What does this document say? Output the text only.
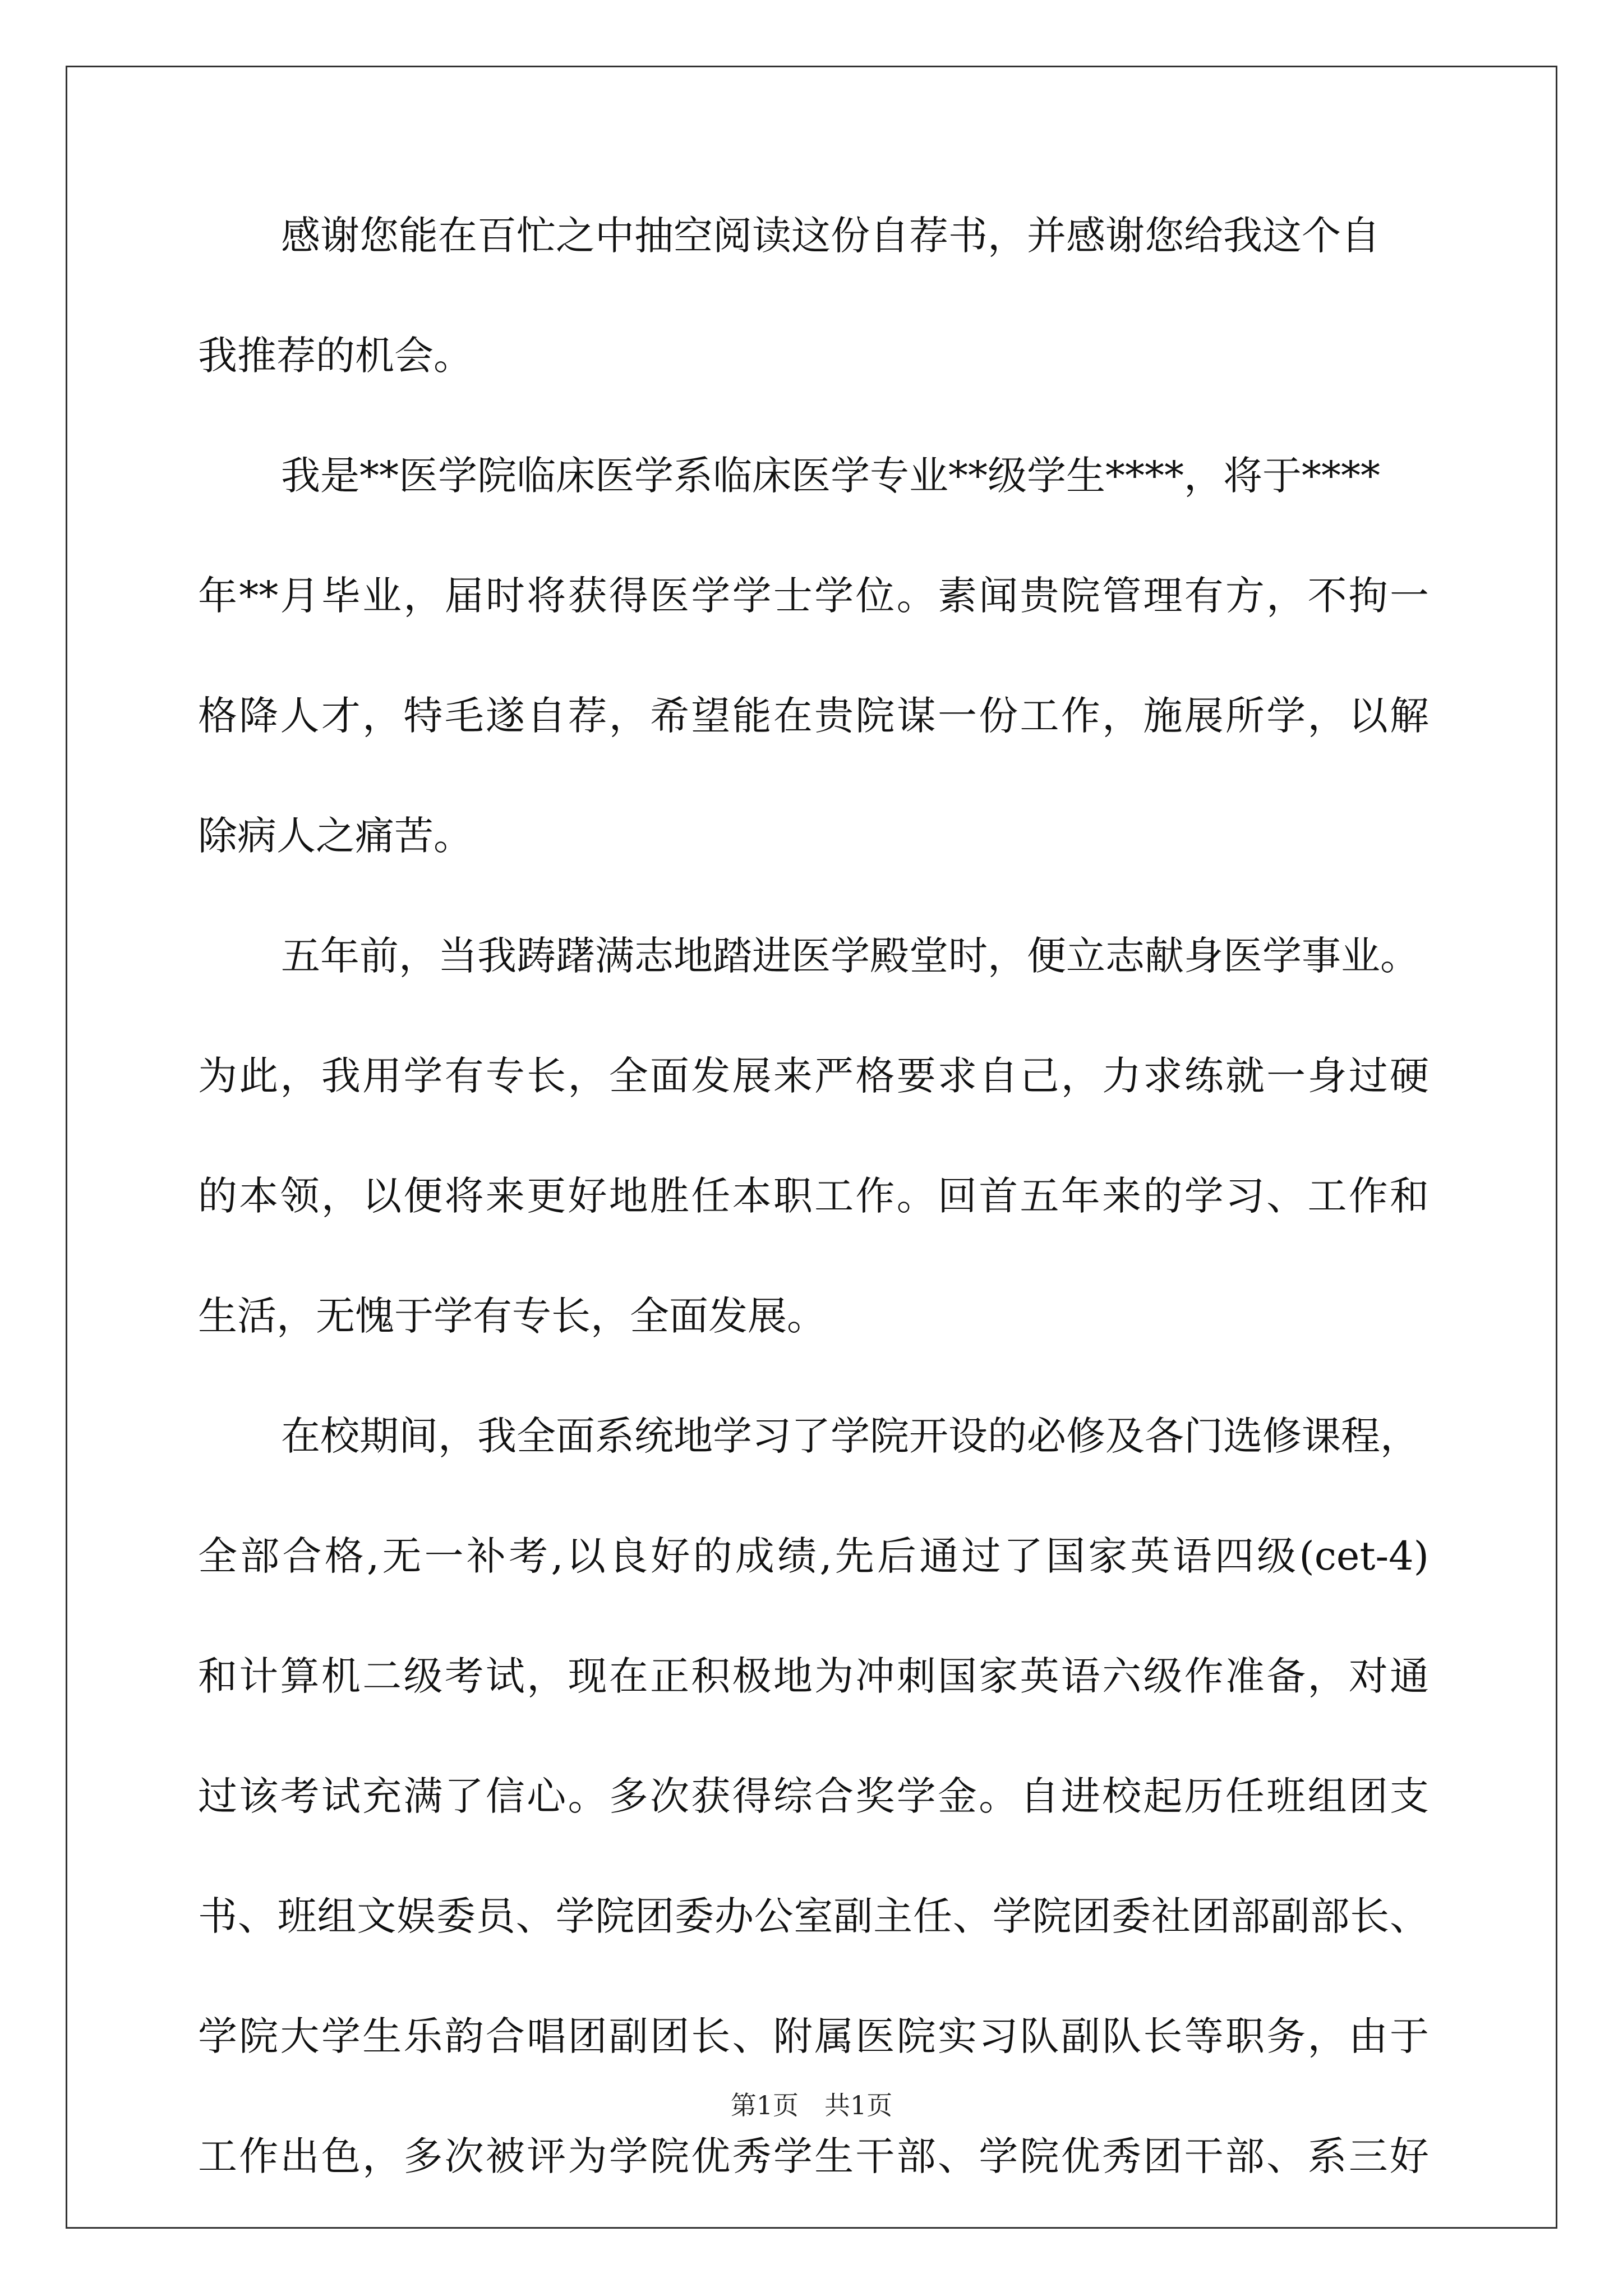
感谢您能在百忙之中抽空阅读这份自荐书，并感谢您给我这个自
我推荐的机会。
我是**医学院临床医学系临床医学专业**级学生****，将于****
年**月毕业，届时将获得医学学士学位。素闻贵院管理有方，不拘一
格降人才，特毛遂自荐，希望能在贵院谋一份工作，施展所学，以解
除病人之痛苦。
五年前，当我踌躇满志地踏进医学殿堂时，便立志献身医学事业。
为此，我用学有专长，全面发展来严格要求自己，力求练就一身过硬
的本领，以便将来更好地胜任本职工作。回首五年来的学习、工作和
生活，无愧于学有专长，全面发展。
在校期间，我全面系统地学习了学院开设的必修及各门选修课程，
全部合格,无一补考,以良好的成绩,先后通过了国家英语四级(cet-4)
和计算机二级考试，现在正积极地为冲刺国家英语六级作准备，对通
过该考试充满了信心。多次获得综合奖学金。自进校起历任班组团支
书、班组文娱委员、学院团委办公室副主任、学院团委社团部副部长、
学院大学生乐韵合唱团副团长、附属医院实习队副队长等职务，由于
工作出色，多次被评为学院优秀学生干部、学院优秀团干部、系三好
第1页　共1页
